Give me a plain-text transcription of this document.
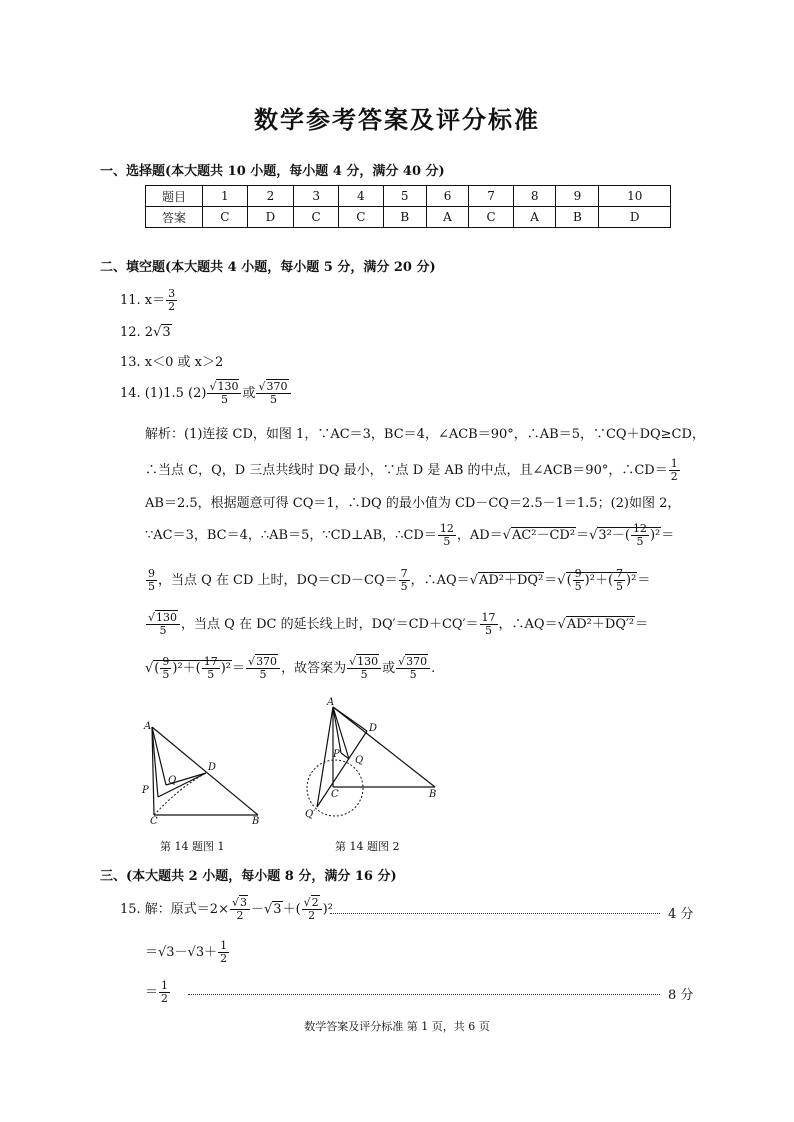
数学参考答案及评分标准
一、选择题(本大题共 10 小题，每小题 4 分，满分 40 分)
题目	1	2	3	4	5	6	7	8	9	10
答案	C	D	C	C	B	A	C	A	B	D
二、填空题(本大题共 4 小题，每小题 5 分，满分 20 分)
11. $x= \frac{3}{2}$
12. 2√3
13. x＜0 或 x＞2
14. (1)1.5 $(2) \frac{√130}{5}$ 或 $\frac{√370}{5}$
解析：(1)连接 CD，如图 1，∵AC＝3，BC＝4，∠ACB＝90°，∴AB＝5，∵CQ＋DQ≥CD，
∴当点 C，Q，D 三点共线时 DQ 最小，∵点 D 是 AB 的中点，且∠ACB＝90°，∴CD＝ $\frac{1}{2}$
AB＝2.5，根据题意可得 CQ＝1，∴DQ 的最小值为 CD－CQ＝2.5－1＝1.5；(2)如图 2，
∵AC＝3，BC＝4，∴AB＝5，∵CD⊥AB，∴CD＝ $\frac{12}{5}$ ，$AD=√AC^2-CD^2=√3^2-( \frac{12}{5} )^2=$
$\frac{9}{5}$ ，当点 Q 在 CD 上时，$DQ=CD-CQ= \frac{7}{5}$ ，∴AQ＝√AD²＋DQ²＝√( $\frac{9}{5} )^2+( \frac{7}{5} )^2=$
$\frac{√130}{5}$ ，当点 Q 在 DC 的延长线上时，$DQ'=CD+CQ'= \frac{17}{5}$ ，∴AQ＝√AD²＋DQ′²＝
√( $\frac{9}{5} )^2+( \frac{17}{5} )^2= \frac{√370}{5}$ ，故答案为 $\frac{√130}{5}$ 或 $\frac{√370}{5}$ .
A
Q
D
P
C	B
第 14 题图 1
A
D
P
Q
C	B
Q′
第 14 题图 2
三、(本大题共 2 小题，每小题 8 分，满分 16 分)
15. 解：原式$=2\times \frac{√3}{2} -√3+( \frac{√2}{2} )^2$	4 分
$=√3-√3+ \frac{1}{2}$
＝ $\frac{1}{2}$	8 分
数学答案及评分标准 第 1 页，共 6 页
